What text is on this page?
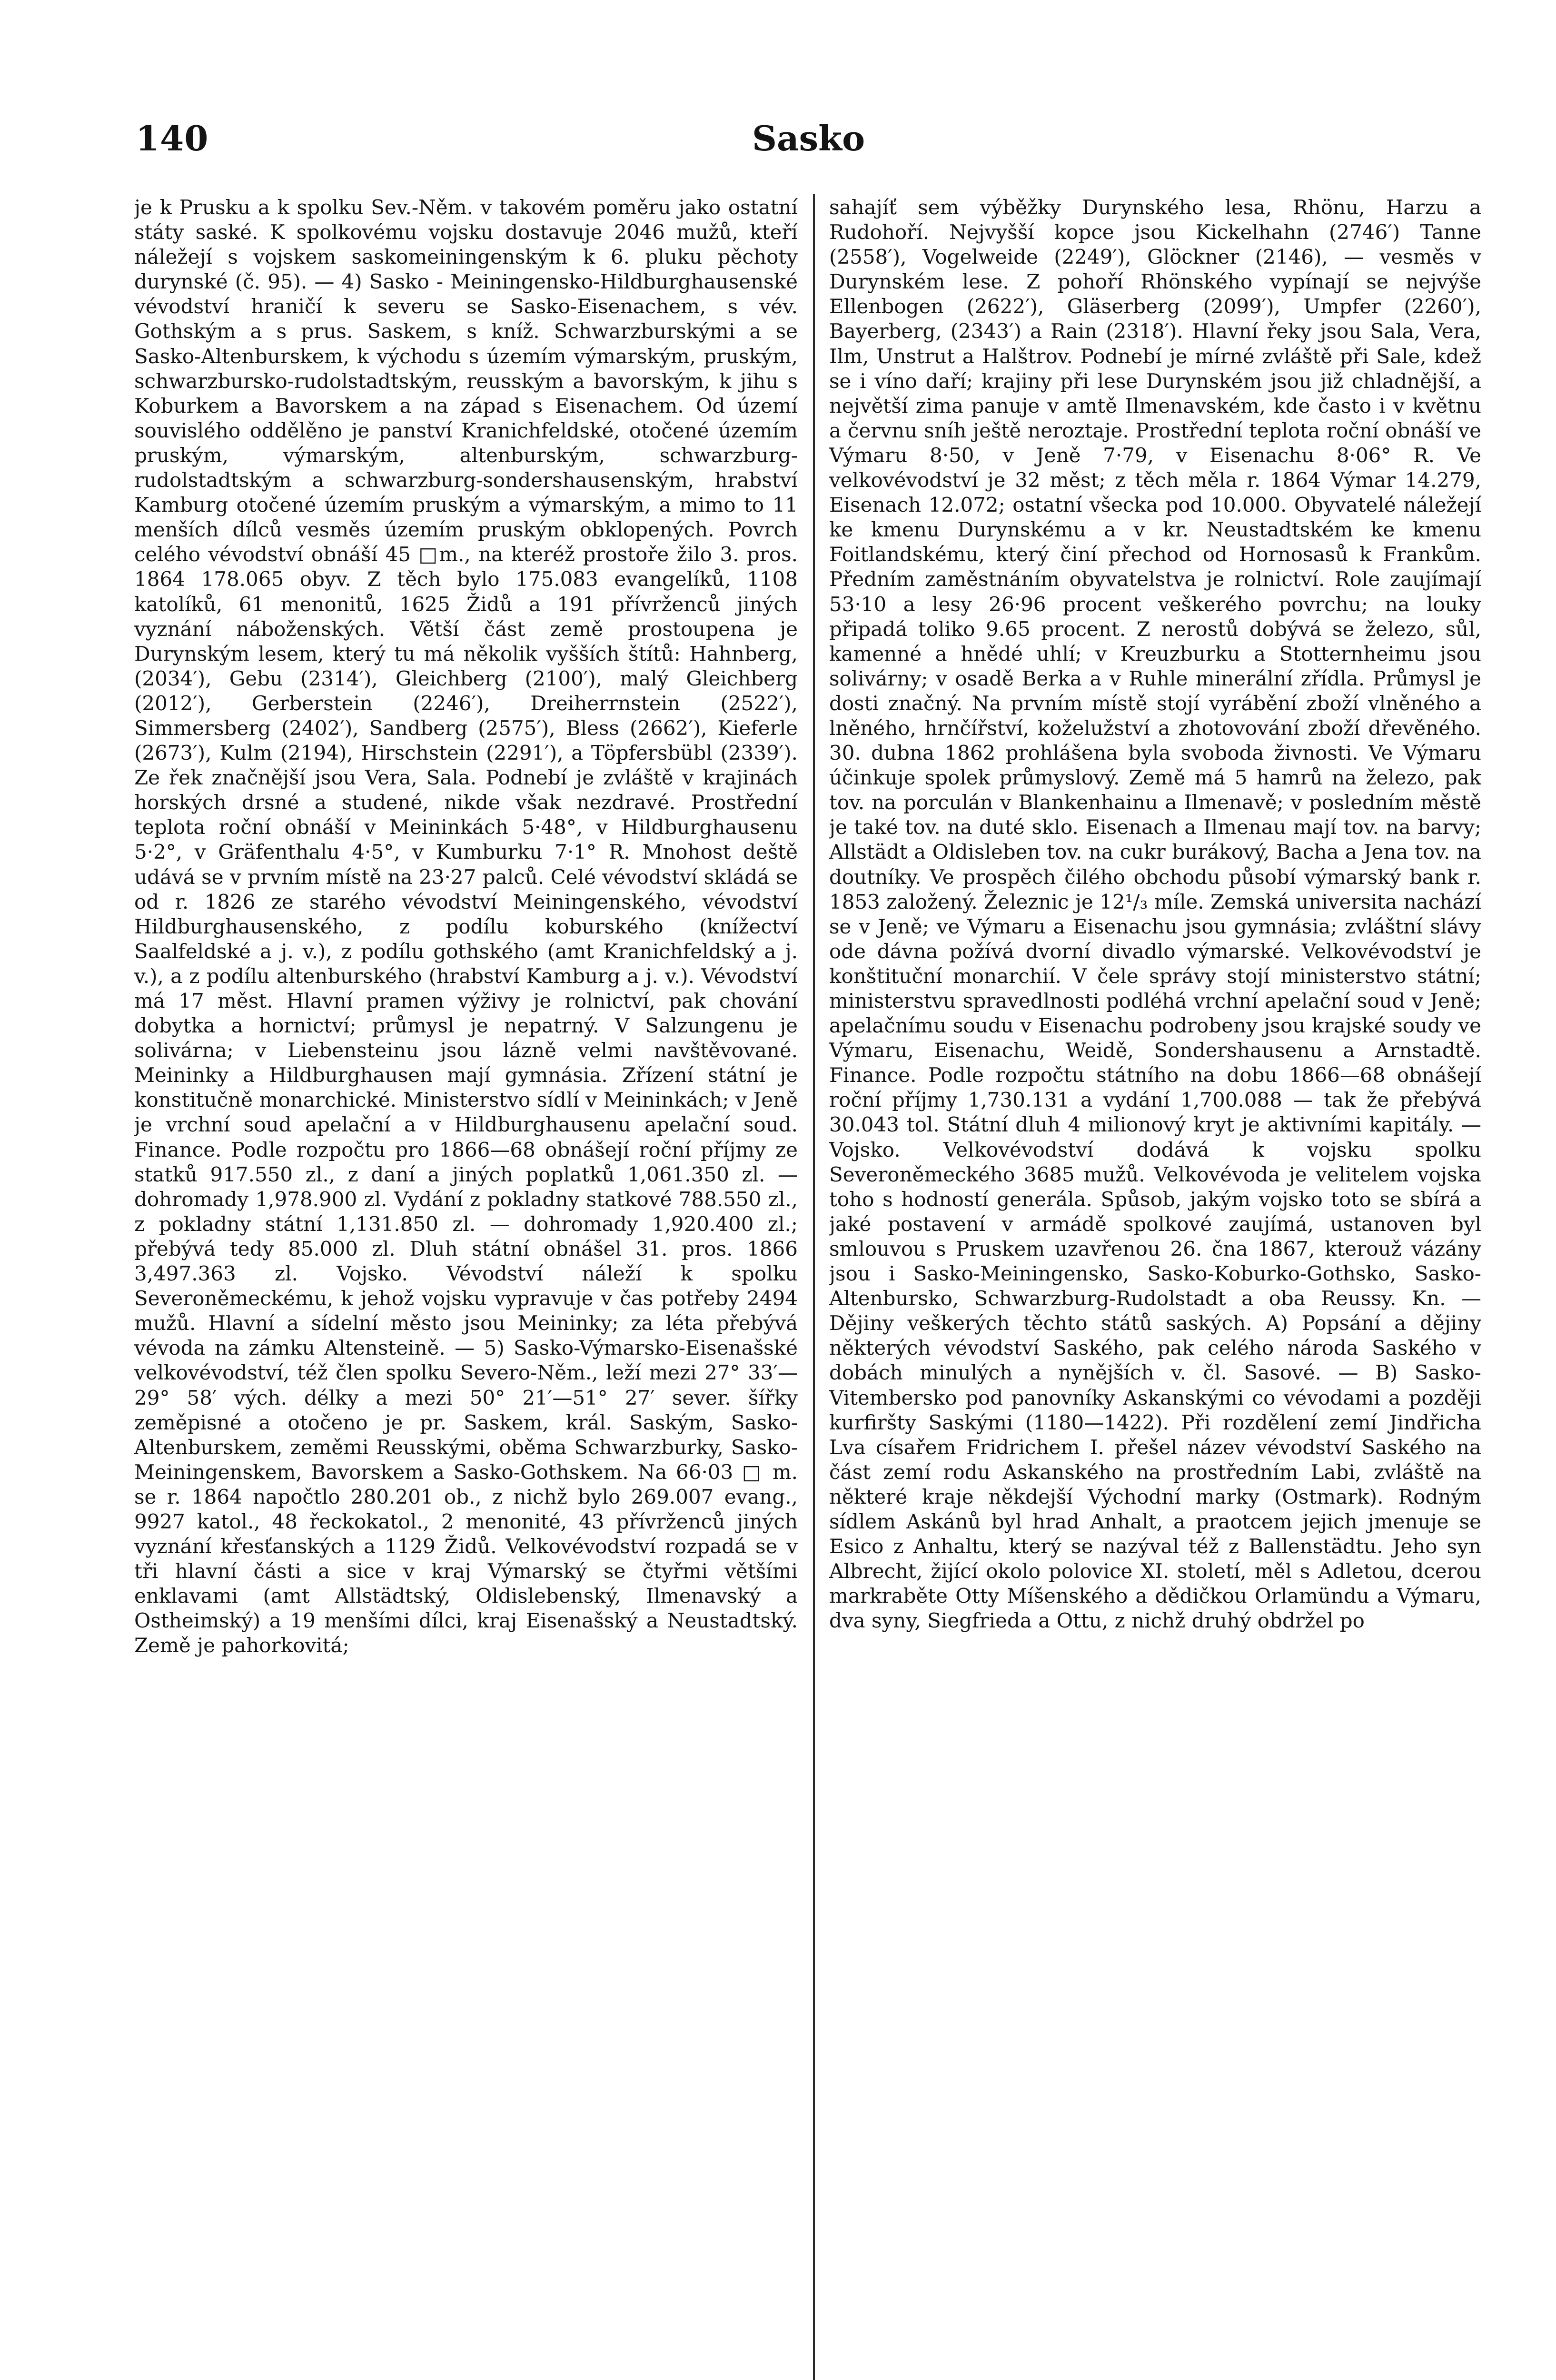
140	Sasko

je k Prusku a k spolku Sev.-Něm. v takovém poměru jako ostatní státy saské. K spolkovému vojsku dostavuje 2046 mužů, kteří náležejí s vojskem saskomeiningenským k 6. pluku pěchoty durynské (č. 95). — 4) Sasko - Meiningensko-Hildburghausenské vévodství hraničí k severu se Sasko-Eisenachem, s vév. Gothským a s prus. Saskem, s kníž. Schwarzburskými a se Sasko-Altenburskem, k východu s územím výmarským, pruským, schwarzbursko-rudolstadtským, reusským a bavorským, k jihu s Koburkem a Bavorskem a na západ s Eisenachem. Od území souvislého oddělěno je panství Kranichfeldské, otočené územím pruským, výmarským, altenburským, schwarzburg-rudolstadtským a schwarzburg-sondershausenským, hrabství Kamburg otočené územím pruským a výmarským, a mimo to 11 menších dílců vesměs územím pruským obklopených. Povrch celého vévodství obnáší 45 □m., na kteréž prostoře žilo 3. pros. 1864 178.065 obyv. Z těch bylo 175.083 evangelíků, 1108 katolíků, 61 menonitů, 1625 Židů a 191 přívrženců jiných vyznání náboženských. Větší část země prostoupena je Durynským lesem, který tu má několik vyšších štítů: Hahnberg, (2034′), Gebu (2314′), Gleichberg (2100′), malý Gleichberg (2012′), Gerberstein (2246′), Dreiherrnstein (2522′), Simmersberg (2402′), Sandberg (2575′), Bless (2662′), Kieferle (2673′), Kulm (2194), Hirschstein (2291′), a Töpfersbübl (2339′). Ze řek značnější jsou Vera, Sala. Podnebí je zvláště v krajinách horských drsné a studené, nikde však nezdravé. Prostřední teplota roční obnáší v Meininkách 5·48°, v Hildburghausenu 5·2°, v Gräfenthalu 4·5°, v Kumburku 7·1° R. Mnohost deště udává se v prvním místě na 23·27 palců. Celé vévodství skládá se od r. 1826 ze starého vévodství Meiningenského, vévodství Hildburghausenského, z podílu koburského (knížectví Saalfeldské a j. v.), z podílu gothského (amt Kranichfeldský a j. v.), a z podílu altenburského (hrabství Kamburg a j. v.). Vévodství má 17 měst. Hlavní pramen výživy je rolnictví, pak chování dobytka a hornictví; průmysl je nepatrný. V Salzungenu je solivárna; v Liebensteinu jsou lázně velmi navštěvované. Meininky a Hildburghausen mají gymnásia. Zřízení státní je konstitučně monarchické. Ministerstvo sídlí v Meininkách; v Jeně je vrchní soud apelační a v Hildburghausenu apelační soud. Finance. Podle rozpočtu pro 1866—68 obnášejí roční příjmy ze statků 917.550 zl., z daní a jiných poplatků 1,061.350 zl. — dohromady 1,978.900 zl. Vydání z pokladny statkové 788.550 zl., z pokladny státní 1,131.850 zl. — dohromady 1,920.400 zl.; přebývá tedy 85.000 zl. Dluh státní obnášel 31. pros. 1866 3,497.363 zl. Vojsko. Vévodství náleží k spolku Severoněmeckému, k jehož vojsku vypravuje v čas potřeby 2494 mužů. Hlavní a sídelní město jsou Meininky; za léta přebývá vévoda na zámku Altensteině. — 5) Sasko-Výmarsko-Eisenašské velkovévodství, též člen spolku Severo-Něm., leží mezi 27° 33′—29° 58′ vých. délky a mezi 50° 21′—51° 27′ sever. šířky zeměpisné a otočeno je pr. Saskem, král. Saským, Sasko-Altenburskem, zeměmi Reusskými, oběma Schwarzburky, Sasko-Meiningenskem, Bavorskem a Sasko-Gothskem. Na 66·03 □ m. se r. 1864 napočtlo 280.201 ob., z nichž bylo 269.007 evang., 9927 katol., 48 řeckokatol., 2 menonité, 43 přívrženců jiných vyznání křesťanských a 1129 Židů. Velkovévodství rozpadá se v tři hlavní části a sice v kraj Výmarský se čtyřmi většími enklavami (amt Allstädtský, Oldislebenský, Ilmenavský a Ostheimský) a 19 menšími dílci, kraj Eisenašský a Neustadtský. Země je pahorkovitá;

sahajíť sem výběžky Durynského lesa, Rhönu, Harzu a Rudohoří. Nejvyšší kopce jsou Kickelhahn (2746′) Tanne (2558′), Vogelweide (2249′), Glöckner (2146), — vesměs v Durynském lese. Z pohoří Rhönského vypínají se nejvýše Ellenbogen (2622′), Gläserberg (2099′), Umpfer (2260′), Bayerberg, (2343′) a Rain (2318′). Hlavní řeky jsou Sala, Vera, Ilm, Unstrut a Halštrov. Podnebí je mírné zvláště při Sale, kdež se i víno daří; krajiny při lese Durynském jsou již chladnější, a největší zima panuje v amtě Ilmenavském, kde často i v květnu a červnu sníh ještě neroztaje. Prostřední teplota roční obnáší ve Výmaru 8·50, v Jeně 7·79, v Eisenachu 8·06° R. Ve velkovévodství je 32 měst; z těch měla r. 1864 Výmar 14.279, Eisenach 12.072; ostatní všecka pod 10.000. Obyvatelé náležejí ke kmenu Durynskému a v kr. Neustadtském ke kmenu Foitlandskému, který činí přechod od Hornosasů k Frankům. Předním zaměstnáním obyvatelstva je rolnictví. Role zaujímají 53·10 a lesy 26·96 procent veškerého povrchu; na louky připadá toliko 9.65 procent. Z nerostů dobývá se železo, sůl, kamenné a hnědé uhlí; v Kreuzburku a Stotternheimu jsou solivárny; v osadě Berka a v Ruhle minerální zřídla. Průmysl je dosti značný. Na prvním místě stojí vyrábění zboží vlněného a lněného, hrnčířství, koželužství a zhotovování zboží dřevěného. 30. dubna 1862 prohlášena byla svoboda živnosti. Ve Výmaru účinkuje spolek průmyslový. Země má 5 hamrů na železo, pak tov. na porculán v Blankenhainu a Ilmenavě; v posledním městě je také tov. na duté sklo. Eisenach a Ilmenau mají tov. na barvy; Allstädt a Oldisleben tov. na cukr burákový, Bacha a Jena tov. na doutníky. Ve prospěch čilého obchodu působí výmarský bank r. 1853 založený. Železnic je 12¹/₃ míle. Zemská universita nachází se v Jeně; ve Výmaru a Eisenachu jsou gymnásia; zvláštní slávy ode dávna požívá dvorní divadlo výmarské. Velkovévodství je konštituční monarchií. V čele správy stojí ministerstvo státní; ministerstvu spravedlnosti podléhá vrchní apelační soud v Jeně; apelačnímu soudu v Eisenachu podrobeny jsou krajské soudy ve Výmaru, Eisenachu, Weidě, Sondershausenu a Arnstadtě. Finance. Podle rozpočtu státního na dobu 1866—68 obnášejí roční příjmy 1,730.131 a vydání 1,700.088 — tak že přebývá 30.043 tol. Státní dluh 4 milionový kryt je aktivními kapitály. — Vojsko. Velkovévodství dodává k vojsku spolku Severoněmeckého 3685 mužů. Velkovévoda je velitelem vojska toho s hodností generála. Spůsob, jakým vojsko toto se sbírá a jaké postavení v armádě spolkové zaujímá, ustanoven byl smlouvou s Pruskem uzavřenou 26. čna 1867, kterouž vázány jsou i Sasko-Meiningensko, Sasko-Koburko-Gothsko, Sasko-Altenbursko, Schwarzburg-Rudolstadt a oba Reussy. Kn. — Dějiny veškerých těchto států saských. A) Popsání a dějiny některých vévodství Saského, pak celého národa Saského v dobách minulých a nynějších v. čl. Sasové. — B) Sasko-Vitembersko pod panovníky Askanskými co vévodami a později kurfiršty Saskými (1180—1422). Při rozdělení zemí Jindřicha Lva císařem Fridrichem I. přešel název vévodství Saského na část zemí rodu Askanského na prostředním Labi, zvláště na některé kraje někdejší Východní marky (Ostmark). Rodným sídlem Askánů byl hrad Anhalt, a praotcem jejich jmenuje se Esico z Anhaltu, který se nazýval též z Ballenstädtu. Jeho syn Albrecht, žijící okolo polovice XI. století, měl s Adletou, dcerou markraběte Otty Míšenského a dědičkou Orlamündu a Výmaru, dva syny, Siegfrieda a Ottu, z nichž druhý obdržel po
